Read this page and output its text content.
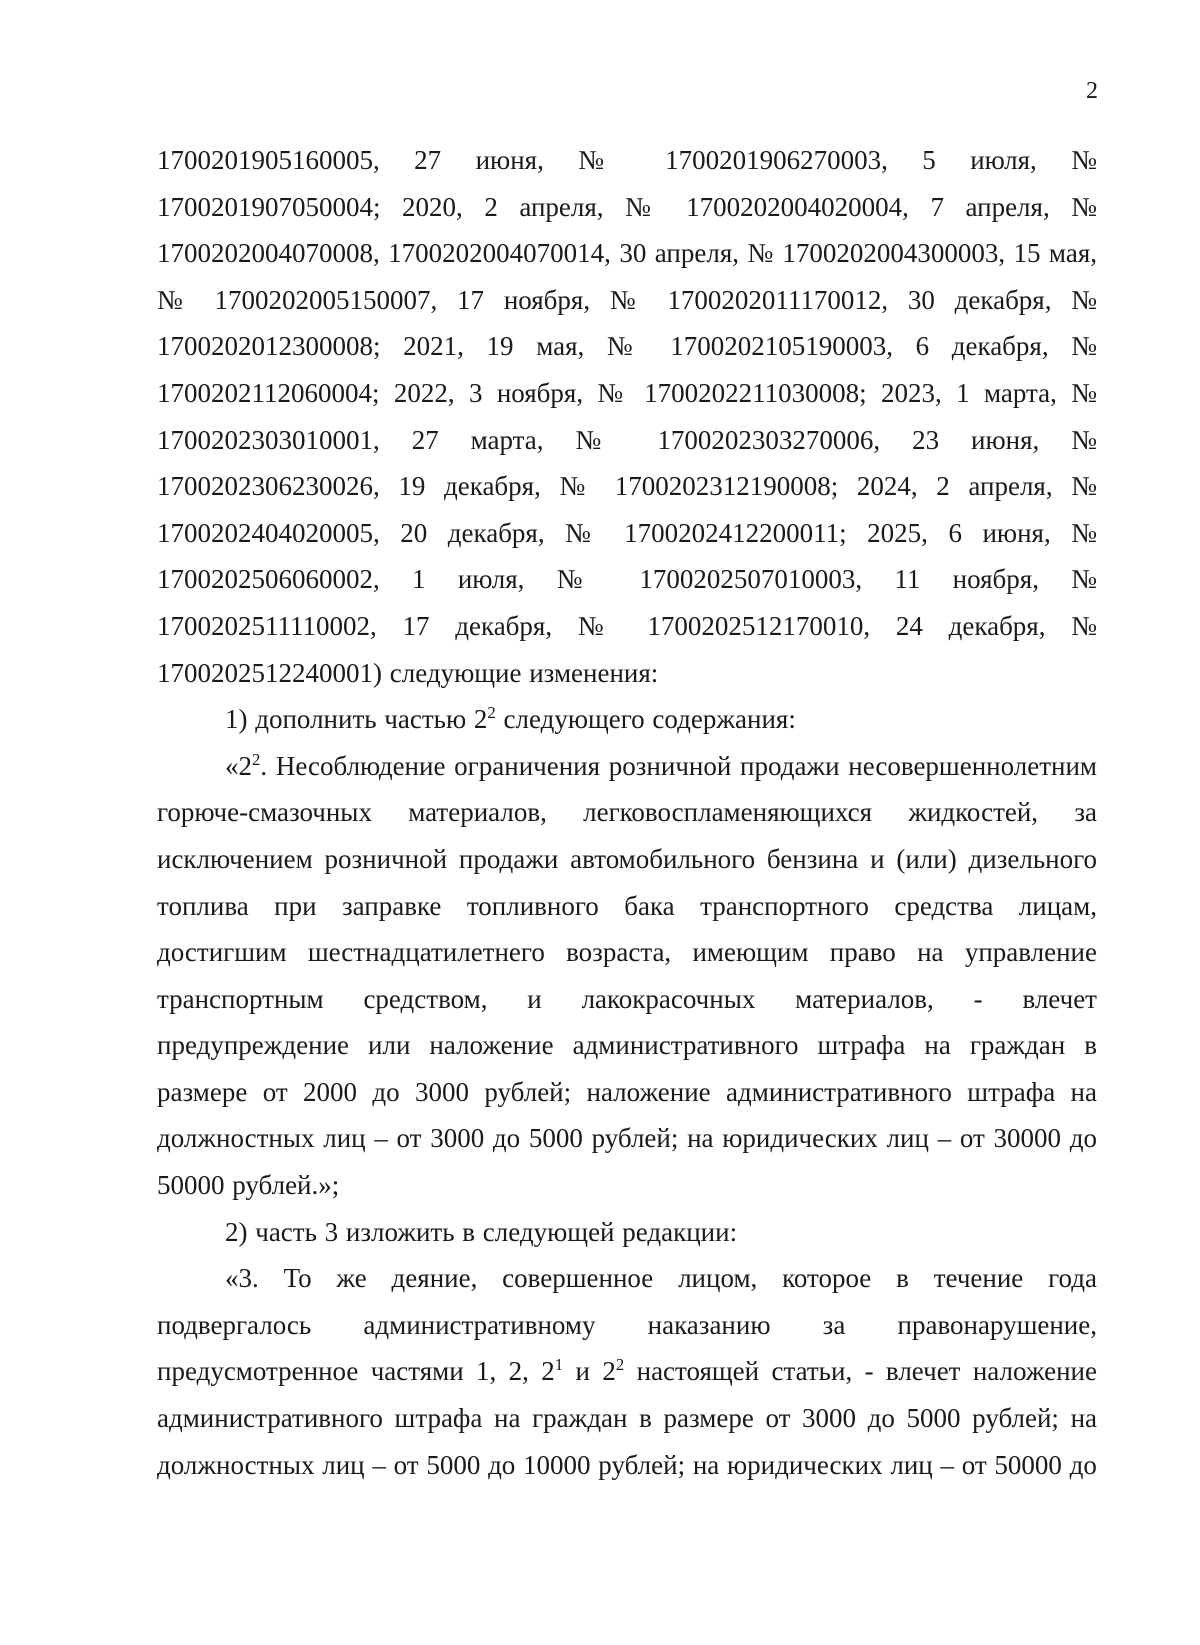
2

1700201905160005, 27 июня, № 1700201906270003, 5 июля, № 1700201907050004; 2020, 2 апреля, № 1700202004020004, 7 апреля, № 1700202004070008, 1700202004070014, 30 апреля, № 1700202004300003, 15 мая, № 1700202005150007, 17 ноября, № 1700202011170012, 30 декабря, № 1700202012300008; 2021, 19 мая, № 1700202105190003, 6 декабря, № 1700202112060004; 2022, 3 ноября, № 1700202211030008; 2023, 1 марта, № 1700202303010001, 27 марта, № 1700202303270006, 23 июня, № 1700202306230026, 19 декабря, № 1700202312190008; 2024, 2 апреля, № 1700202404020005, 20 декабря, № 1700202412200011; 2025, 6 июня, № 1700202506060002, 1 июля, № 1700202507010003, 11 ноября, № 1700202511110002, 17 декабря, № 1700202512170010, 24 декабря, № 1700202512240001) следующие изменения:

1) дополнить частью $2^2$ следующего содержания:

«$2^2$. Несоблюдение ограничения розничной продажи несовершеннолетним горюче-смазочных материалов, легковоспламеняющихся жидкостей, за исключением розничной продажи автомобильного бензина и (или) дизельного топлива при заправке топливного бака транспортного средства лицам, достигшим шестнадцатилетнего возраста, имеющим право на управление транспортным средством, и лакокрасочных материалов, - влечет предупреждение или наложение административного штрафа на граждан в размере от 2000 до 3000 рублей; наложение административного штрафа на должностных лиц – от 3000 до 5000 рублей; на юридических лиц – от 30000 до 50000 рублей.»;

2) часть 3 изложить в следующей редакции:

«3. То же деяние, совершенное лицом, которое в течение года подвергалось административному наказанию за правонарушение, предусмотренное частями 1, 2, $2^1$ и $2^2$ настоящей статьи, - влечет наложение административного штрафа на граждан в размере от 3000 до 5000 рублей; на должностных лиц – от 5000 до 10000 рублей; на юридических лиц – от 50000 до
